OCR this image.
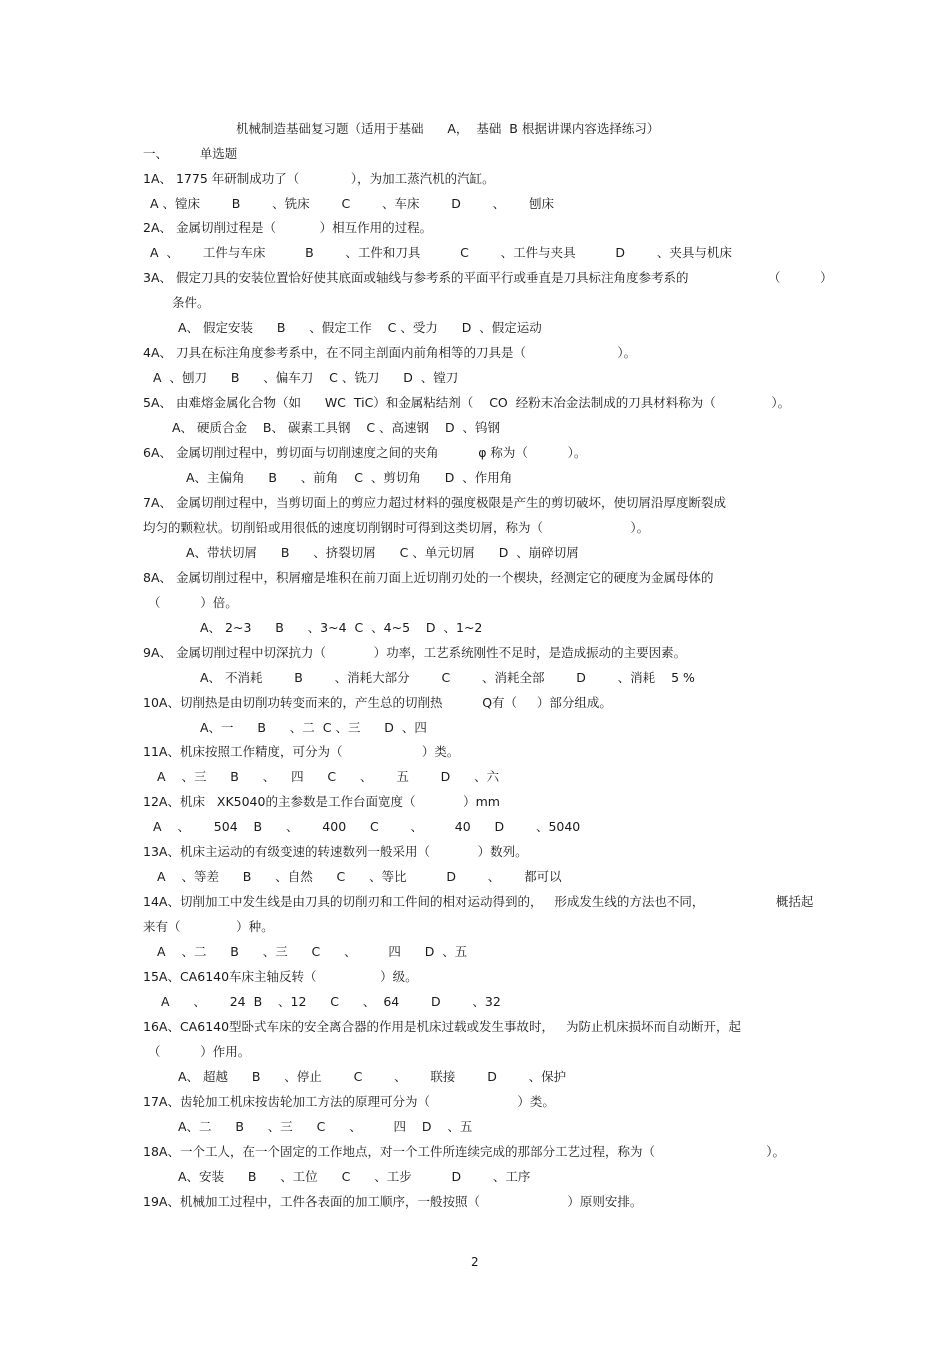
机械制造基础复习题（适用于基础      A，  基础  B 根据讲课内容选择练习）
一、        单选题
1A、 1775 年研制成功了（             ），为加工蒸汽机的汽缸。
A 、镗床        B        、铣床        C        、车床        D        、      刨床
2A、 金属切削过程是（           ）相互作用的过程。
A  、      工件与车床          B        、工件和刀具          C        、工件与夹具          D        、夹具与机床
3A、 假定刀具的安装位置恰好使其底面或轴线与参考系的平面平行或垂直是刀具标注角度参考系的                    （          ）
条件。
A、 假定安装      B      、假定工作    C 、受力      D  、假定运动
4A、 刀具在标注角度参考系中，在不同主剖面内前角相等的刀具是（                       ）。
A  、刨刀      B      、偏车刀    C 、铣刀      D  、镗刀
5A、 由难熔金属化合物（如      WC  TiC）和金属粘结剂（    CO  经粉末冶金法制成的刀具材料称为（              ）。
A、 硬质合金    B、 碳素工具钢    C 、高速钢    D  、钨钢
6A、 金属切削过程中，剪切面与切削速度之间的夹角          φ 称为（          ）。
A、主偏角      B      、前角    C  、剪切角      D  、作用角
7A、 金属切削过程中，当剪切面上的剪应力超过材料的强度极限是产生的剪切破坏，使切屑沿厚度断裂成
均匀的颗粒状。切削铅或用很低的速度切削钢时可得到这类切屑，称为（                      ）。
A、带状切屑      B      、挤裂切屑      C 、单元切屑      D  、崩碎切屑
8A、 金属切削过程中，积屑瘤是堆积在前刀面上近切削刃处的一个楔块，经测定它的硬度为金属母体的
（          ）倍。
A、 2~3      B      、3~4  C  、4~5    D  、1~2
9A、 金属切削过程中切深抗力（            ）功率，工艺系统刚性不足时，是造成振动的主要因素。
A、 不消耗        B        、消耗大部分        C        、消耗全部        D        、消耗    5 %
10A、切削热是由切削功转变而来的，产生总的切削热          Q有（     ）部分组成。
A、一      B      、二  C 、三      D  、四
11A、机床按照工作精度，可分为（                    ）类。
A    、三      B      、    四      C      、      五        D      、六
12A、机床   XK5040的主参数是工作台面宽度（            ）mm
A    、      504    B      、      400      C        、        40      D        、5040
13A、机床主运动的有级变速的转速数列一般采用（            ）数列。
A    、等差      B      、自然      C      、等比          D        、      都可以
14A、切削加工中发生线是由刀具的切削刃和工件间的相对运动得到的，   形成发生线的方法也不同，                  概括起
来有（              ）种。
A    、二      B      、三      C      、        四      D  、五
15A、CA6140车床主轴反转（                ）级。
A      、      24  B    、12      C      、  64        D        、32
16A、CA6140型卧式车床的安全离合器的作用是机床过载或发生事故时，   为防止机床损坏而自动断开，起
（          ）作用。
A、 超越      B      、停止        C        、      联接        D        、保护
17A、齿轮加工机床按齿轮加工方法的原理可分为（                      ）类。
A、二      B      、三      C      、        四    D    、五
18A、一个工人，在一个固定的工作地点，对一个工件所连续完成的那部分工艺过程，称为（                            ）。
A、安装      B      、工位      C      、工步          D        、工序
19A、机械加工过程中，工件各表面的加工顺序，一般按照（                      ）原则安排。
2
